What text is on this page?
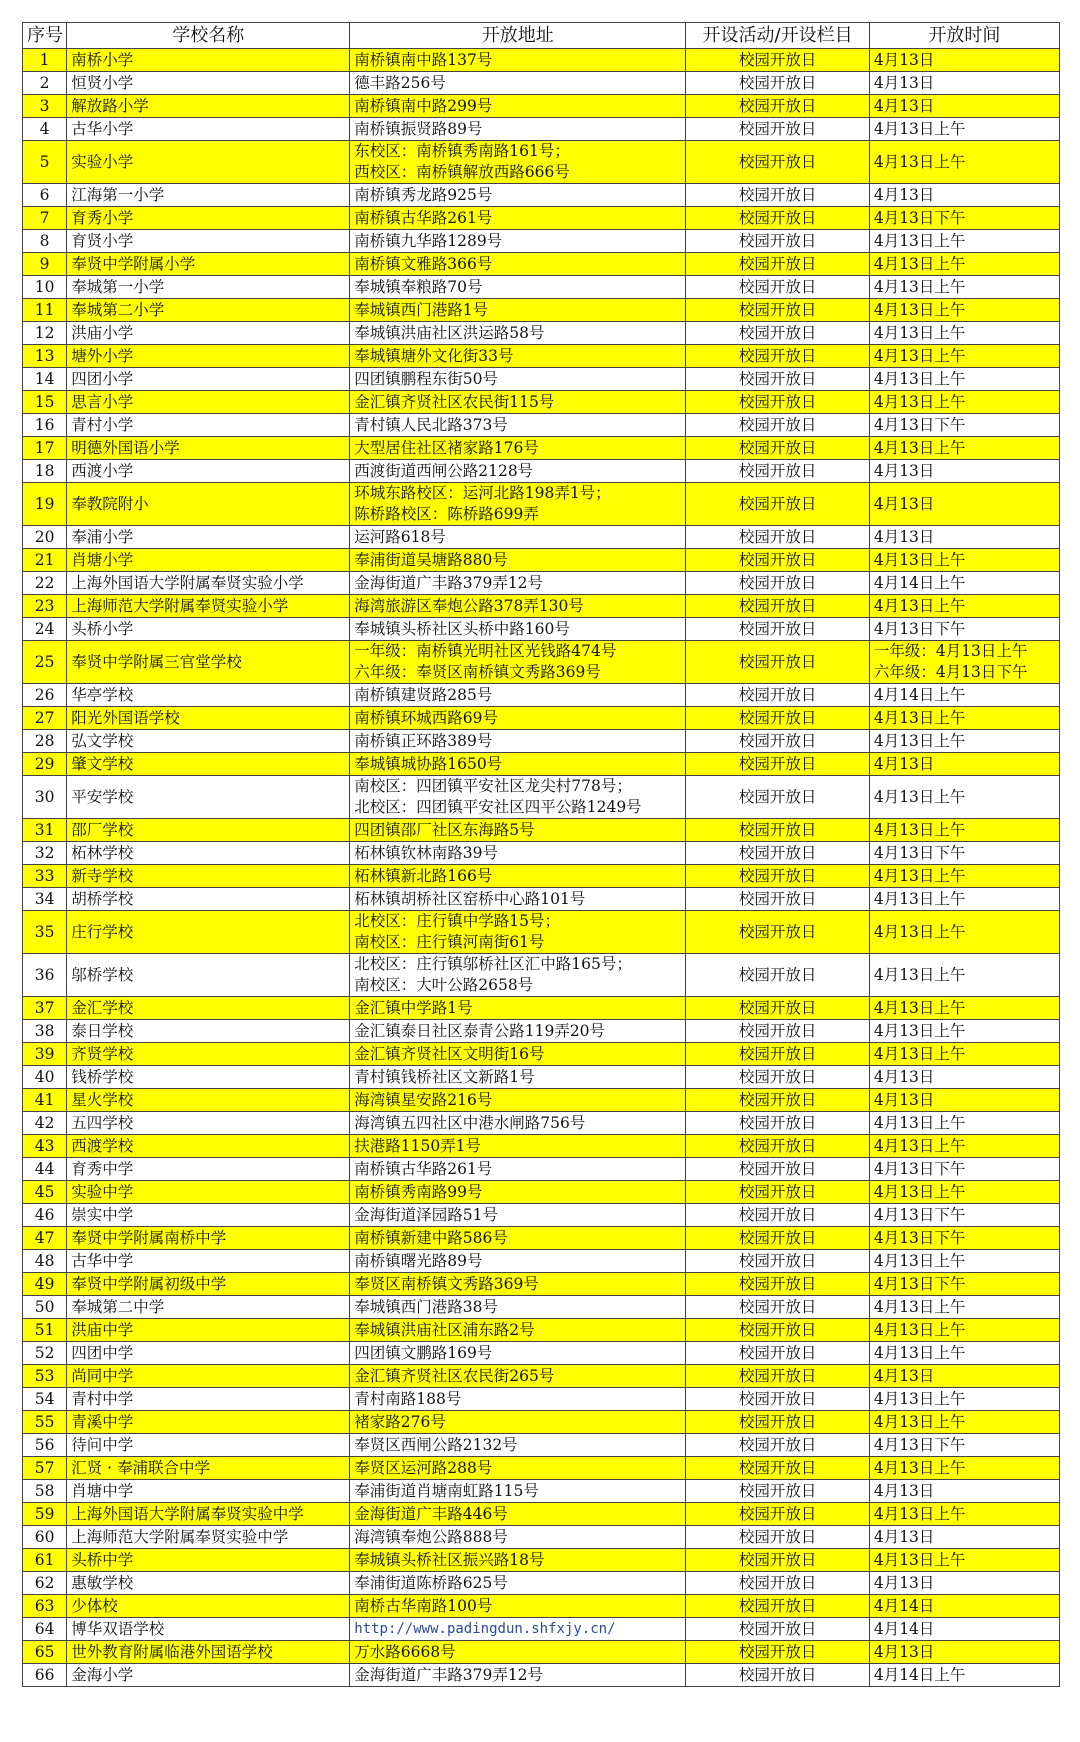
序号	学校名称	开放地址	开设活动/开设栏目	开放时间
1	南桥小学	南桥镇南中路137号	校园开放日	4月13日

2	恒贤小学	德丰路256号	校园开放日	4月13日

3	解放路小学	南桥镇南中路299号	校园开放日	4月13日

4	古华小学	南桥镇振贤路89号	校园开放日	4月13日上午

5	实验小学	东校区：南桥镇秀南路161号；
西校区：南桥镇解放西路666号	校园开放日	4月13日上午

6	江海第一小学	南桥镇秀龙路925号	校园开放日	4月13日

7	育秀小学	南桥镇古华路261号	校园开放日	4月13日下午

8	育贤小学	南桥镇九华路1289号	校园开放日	4月13日上午

9	奉贤中学附属小学	南桥镇文雅路366号	校园开放日	4月13日上午

10	奉城第一小学	奉城镇奉粮路70号	校园开放日	4月13日上午

11	奉城第二小学	奉城镇西门港路1号	校园开放日	4月13日上午

12	洪庙小学	奉城镇洪庙社区洪运路58号	校园开放日	4月13日上午

13	塘外小学	奉城镇塘外文化街33号	校园开放日	4月13日上午

14	四团小学	四团镇鹏程东街50号	校园开放日	4月13日上午

15	思言小学	金汇镇齐贤社区农民街115号	校园开放日	4月13日上午

16	青村小学	青村镇人民北路373号	校园开放日	4月13日下午

17	明德外国语小学	大型居住社区褚家路176号	校园开放日	4月13日上午

18	西渡小学	西渡街道西闸公路2128号	校园开放日	4月13日

19	奉教院附小	环城东路校区：运河北路198弄1号；
陈桥路校区：陈桥路699弄	校园开放日	4月13日

20	奉浦小学	运河路618号	校园开放日	4月13日

21	肖塘小学	奉浦街道吴塘路880号	校园开放日	4月13日上午

22	上海外国语大学附属奉贤实验小学	金海街道广丰路379弄12号	校园开放日	4月14日上午

23	上海师范大学附属奉贤实验小学	海湾旅游区奉炮公路378弄130号	校园开放日	4月13日上午

24	头桥小学	奉城镇头桥社区头桥中路160号	校园开放日	4月13日下午

25	奉贤中学附属三官堂学校	一年级：南桥镇光明社区光钱路474号
六年级：奉贤区南桥镇文秀路369号	校园开放日	一年级：4月13日上午
六年级：4月13日下午

26	华亭学校	南桥镇建贤路285号	校园开放日	4月14日上午

27	阳光外国语学校	南桥镇环城西路69号	校园开放日	4月13日上午

28	弘文学校	南桥镇正环路389号	校园开放日	4月13日上午

29	肇文学校	奉城镇城协路1650号	校园开放日	4月13日

30	平安学校	南校区：四团镇平安社区龙尖村778号；
北校区：四团镇平安社区四平公路1249号	校园开放日	4月13日上午

31	邵厂学校	四团镇邵厂社区东海路5号	校园开放日	4月13日上午

32	柘林学校	柘林镇钦林南路39号	校园开放日	4月13日下午

33	新寺学校	柘林镇新北路166号	校园开放日	4月13日上午

34	胡桥学校	柘林镇胡桥社区窑桥中心路101号	校园开放日	4月13日上午

35	庄行学校	北校区：庄行镇中学路15号；
南校区：庄行镇河南街61号	校园开放日	4月13日上午

36	邬桥学校	北校区：庄行镇邬桥社区汇中路165号；
南校区：大叶公路2658号	校园开放日	4月13日上午

37	金汇学校	金汇镇中学路1号	校园开放日	4月13日上午

38	泰日学校	金汇镇泰日社区泰青公路119弄20号	校园开放日	4月13日上午

39	齐贤学校	金汇镇齐贤社区文明街16号	校园开放日	4月13日上午

40	钱桥学校	青村镇钱桥社区文新路1号	校园开放日	4月13日

41	星火学校	海湾镇星安路216号	校园开放日	4月13日

42	五四学校	海湾镇五四社区中港水闸路756号	校园开放日	4月13日上午

43	西渡学校	扶港路1150弄1号	校园开放日	4月13日上午

44	育秀中学	南桥镇古华路261号	校园开放日	4月13日下午

45	实验中学	南桥镇秀南路99号	校园开放日	4月13日上午

46	崇实中学	金海街道泽园路51号	校园开放日	4月13日下午

47	奉贤中学附属南桥中学	南桥镇新建中路586号	校园开放日	4月13日下午

48	古华中学	南桥镇曙光路89号	校园开放日	4月13日上午

49	奉贤中学附属初级中学	奉贤区南桥镇文秀路369号	校园开放日	4月13日下午

50	奉城第二中学	奉城镇西门港路38号	校园开放日	4月13日上午

51	洪庙中学	奉城镇洪庙社区浦东路2号	校园开放日	4月13日上午

52	四团中学	四团镇文鹏路169号	校园开放日	4月13日上午

53	尚同中学	金汇镇齐贤社区农民街265号	校园开放日	4月13日

54	青村中学	青村南路188号	校园开放日	4月13日上午

55	青溪中学	褚家路276号	校园开放日	4月13日上午

56	待问中学	奉贤区西闸公路2132号	校园开放日	4月13日下午

57	汇贤 · 奉浦联合中学	奉贤区运河路288号	校园开放日	4月13日上午

58	肖塘中学	奉浦街道肖塘南虹路115号	校园开放日	4月13日

59	上海外国语大学附属奉贤实验中学	金海街道广丰路446号	校园开放日	4月13日上午

60	上海师范大学附属奉贤实验中学	海湾镇奉炮公路888号	校园开放日	4月13日

61	头桥中学	奉城镇头桥社区振兴路18号	校园开放日	4月13日上午

62	惠敏学校	奉浦街道陈桥路625号	校园开放日	4月13日

63	少体校	南桥古华南路100号	校园开放日	4月14日

64	博华双语学校	http://www.padingdun.shfxjy.cn/	校园开放日	4月14日

65	世外教育附属临港外国语学校	万水路6668号	校园开放日	4月13日

66	金海小学	金海街道广丰路379弄12号	校园开放日	4月14日上午
